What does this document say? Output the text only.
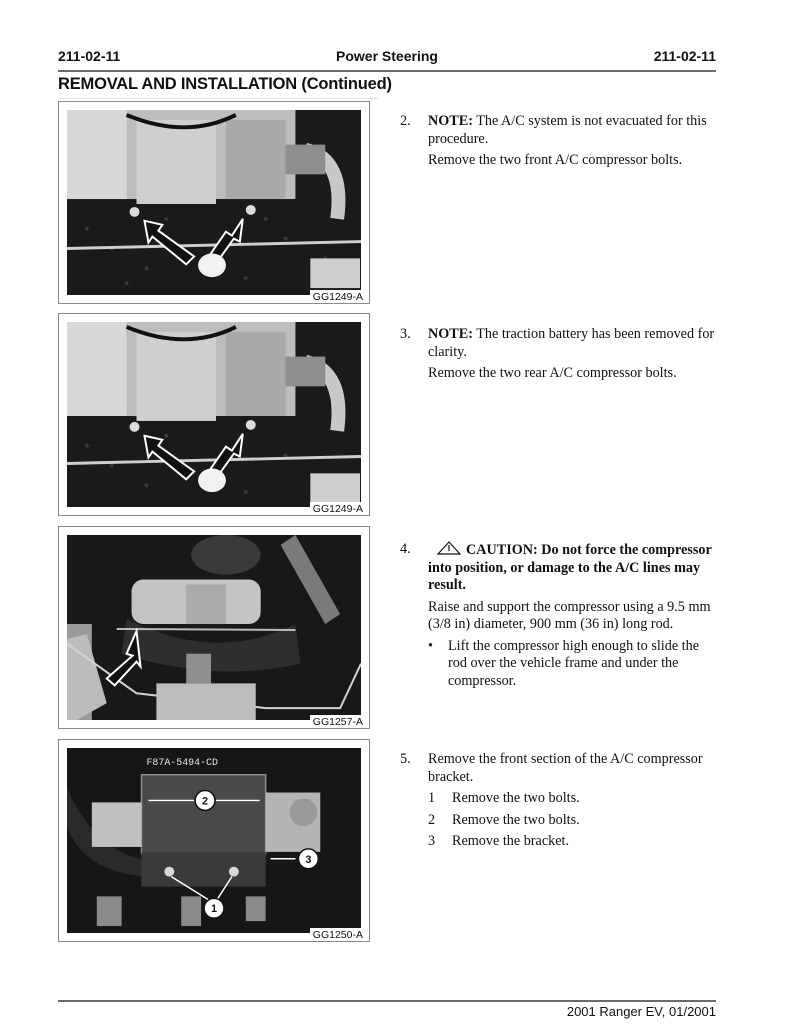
211-02-11	Power Steering	211-02-11
REMOVAL AND INSTALLATION (Continued)
GG1249-A
GG1249-A
GG1257-A
F87A-5494-CD
2
1
3
GG1250-A
2. NOTE: The A/C system is not evacuated for this procedure.

Remove the two front A/C compressor bolts.

3. NOTE: The traction battery has been removed for clarity.

Remove the two rear A/C compressor bolts.

4.	CAUTION: Do not force the compressor into position, or damage to the A/C lines may result.

Raise and support the compressor using a 9.5 mm (3/8 in) diameter, 900 mm (36 in) long rod.

• Lift the compressor high enough to slide the rod over the vehicle frame and under the compressor.
5. Remove the front section of the A/C compressor bracket.

1 Remove the two bolts.
2 Remove the two bolts.
3 Remove the bracket.
2001 Ranger EV, 01/2001
